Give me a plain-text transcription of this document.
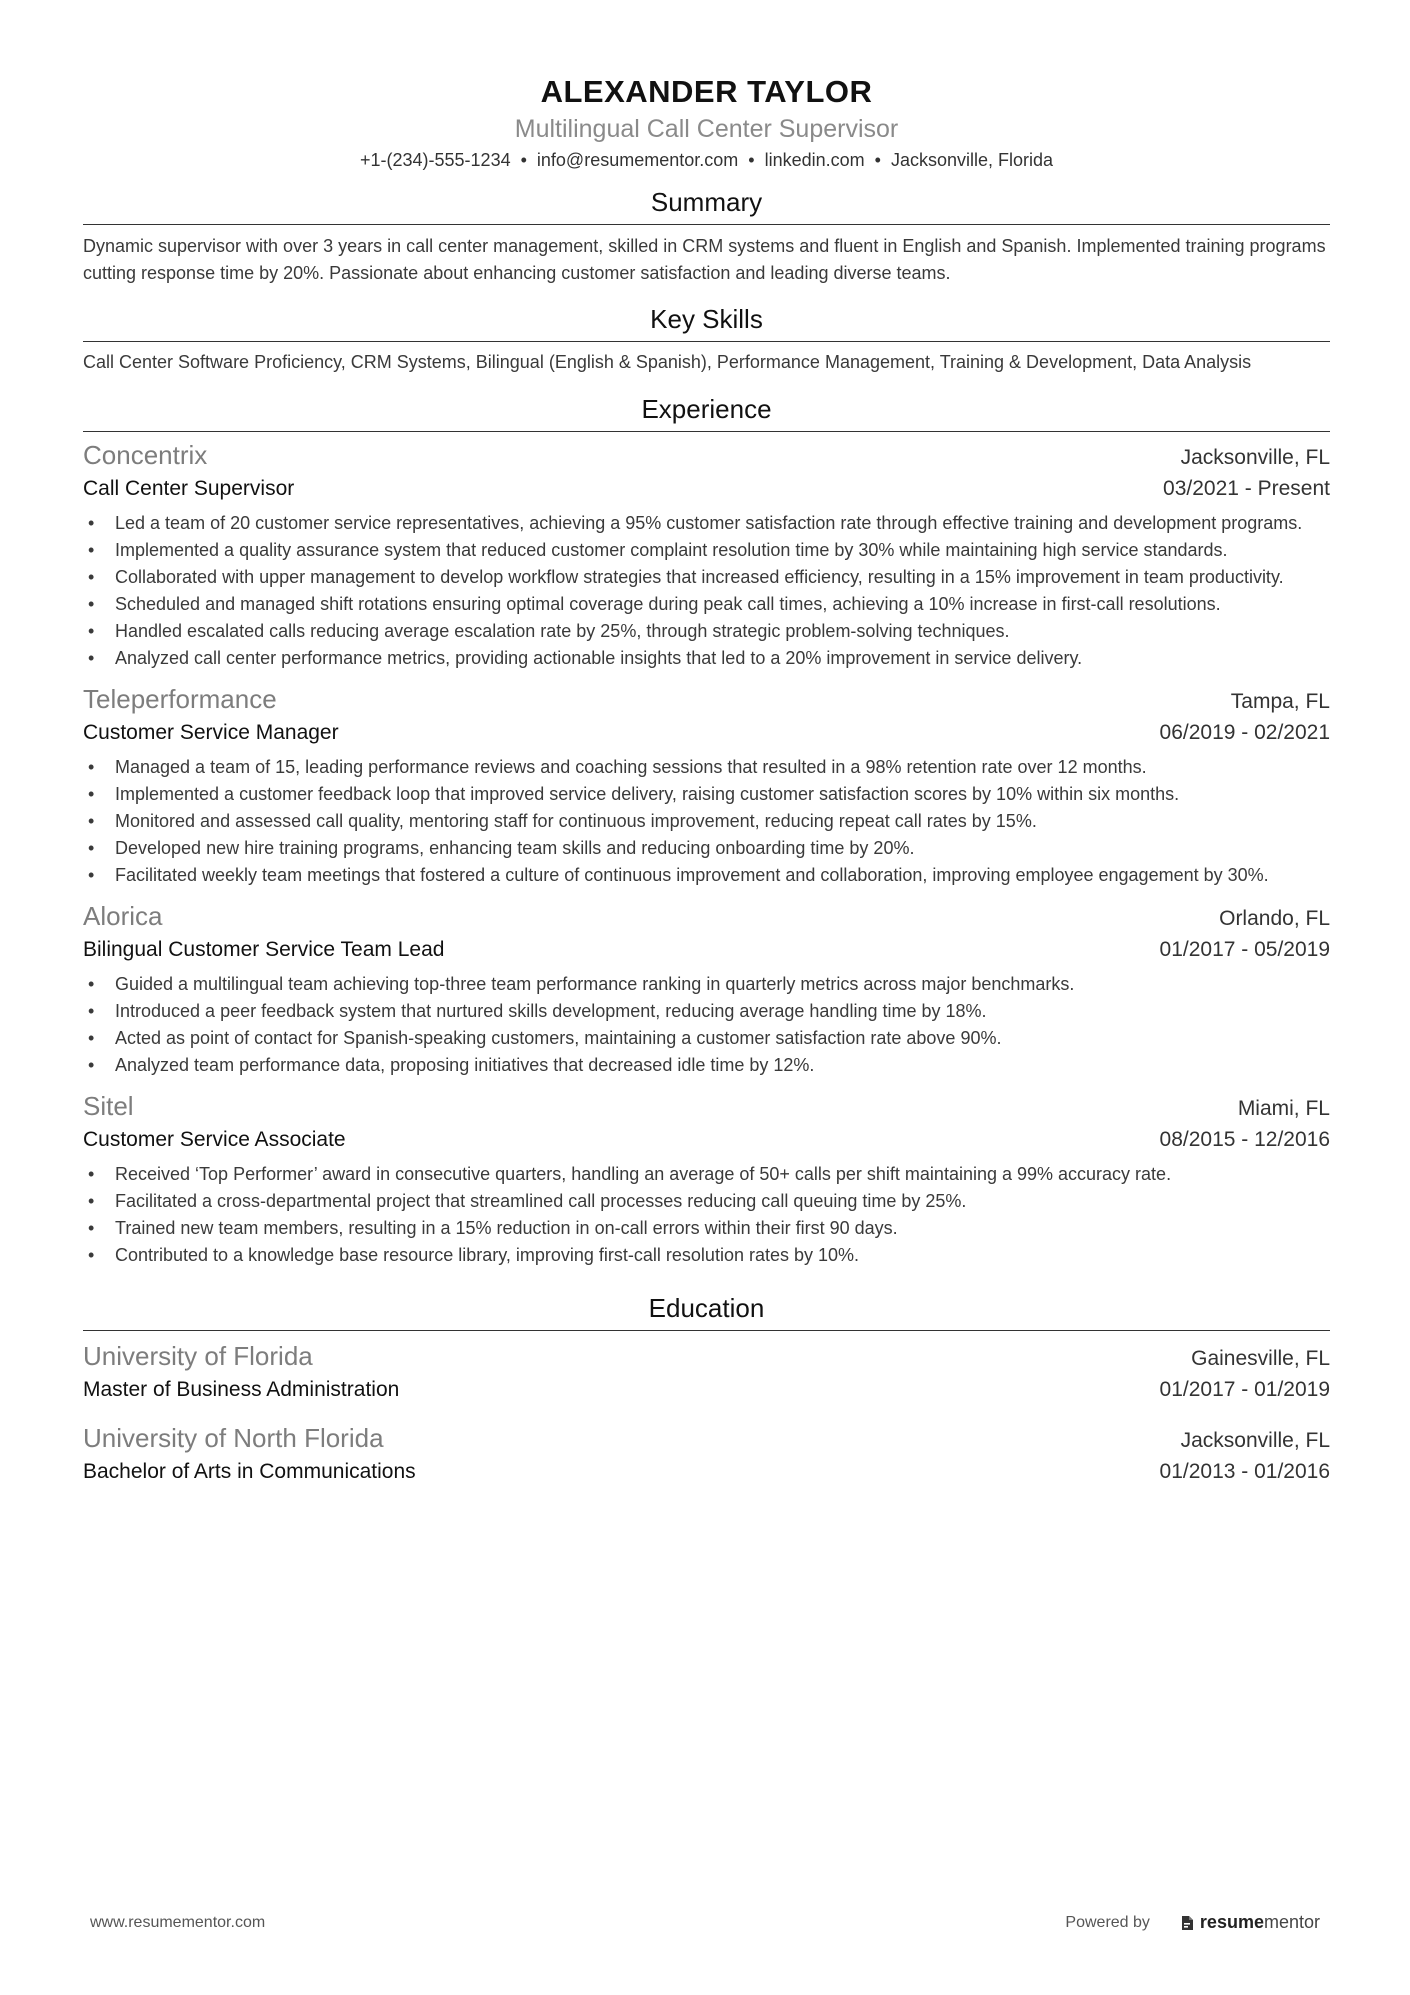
ALEXANDER TAYLOR
Multilingual Call Center Supervisor
+1-(234)-555-1234 • info@resumementor.com • linkedin.com • Jacksonville, Florida
Summary
Dynamic supervisor with over 3 years in call center management, skilled in CRM systems and fluent in English and Spanish. Implemented training programs cutting response time by 20%. Passionate about enhancing customer satisfaction and leading diverse teams.
Key Skills
Call Center Software Proficiency, CRM Systems, Bilingual (English & Spanish), Performance Management, Training & Development, Data Analysis
Experience
Concentrix	Jacksonville, FL
Call Center Supervisor	03/2021 - Present
• Led a team of 20 customer service representatives, achieving a 95% customer satisfaction rate through effective training and development programs.
• Implemented a quality assurance system that reduced customer complaint resolution time by 30% while maintaining high service standards.
• Collaborated with upper management to develop workflow strategies that increased efficiency, resulting in a 15% improvement in team productivity.
• Scheduled and managed shift rotations ensuring optimal coverage during peak call times, achieving a 10% increase in first-call resolutions.
• Handled escalated calls reducing average escalation rate by 25%, through strategic problem-solving techniques.
• Analyzed call center performance metrics, providing actionable insights that led to a 20% improvement in service delivery.
Teleperformance	Tampa, FL
Customer Service Manager	06/2019 - 02/2021
• Managed a team of 15, leading performance reviews and coaching sessions that resulted in a 98% retention rate over 12 months.
• Implemented a customer feedback loop that improved service delivery, raising customer satisfaction scores by 10% within six months.
• Monitored and assessed call quality, mentoring staff for continuous improvement, reducing repeat call rates by 15%.
• Developed new hire training programs, enhancing team skills and reducing onboarding time by 20%.
• Facilitated weekly team meetings that fostered a culture of continuous improvement and collaboration, improving employee engagement by 30%.
Alorica	Orlando, FL
Bilingual Customer Service Team Lead	01/2017 - 05/2019
• Guided a multilingual team achieving top-three team performance ranking in quarterly metrics across major benchmarks.
• Introduced a peer feedback system that nurtured skills development, reducing average handling time by 18%.
• Acted as point of contact for Spanish-speaking customers, maintaining a customer satisfaction rate above 90%.
• Analyzed team performance data, proposing initiatives that decreased idle time by 12%.
Sitel	Miami, FL
Customer Service Associate	08/2015 - 12/2016
• Received ‘Top Performer’ award in consecutive quarters, handling an average of 50+ calls per shift maintaining a 99% accuracy rate.
• Facilitated a cross-departmental project that streamlined call processes reducing call queuing time by 25%.
• Trained new team members, resulting in a 15% reduction in on-call errors within their first 90 days.
• Contributed to a knowledge base resource library, improving first-call resolution rates by 10%.
Education
University of Florida	Gainesville, FL
Master of Business Administration	01/2017 - 01/2019
University of North Florida	Jacksonville, FL
Bachelor of Arts in Communications	01/2013 - 01/2016
www.resumementor.com	Powered by	resume mentor
